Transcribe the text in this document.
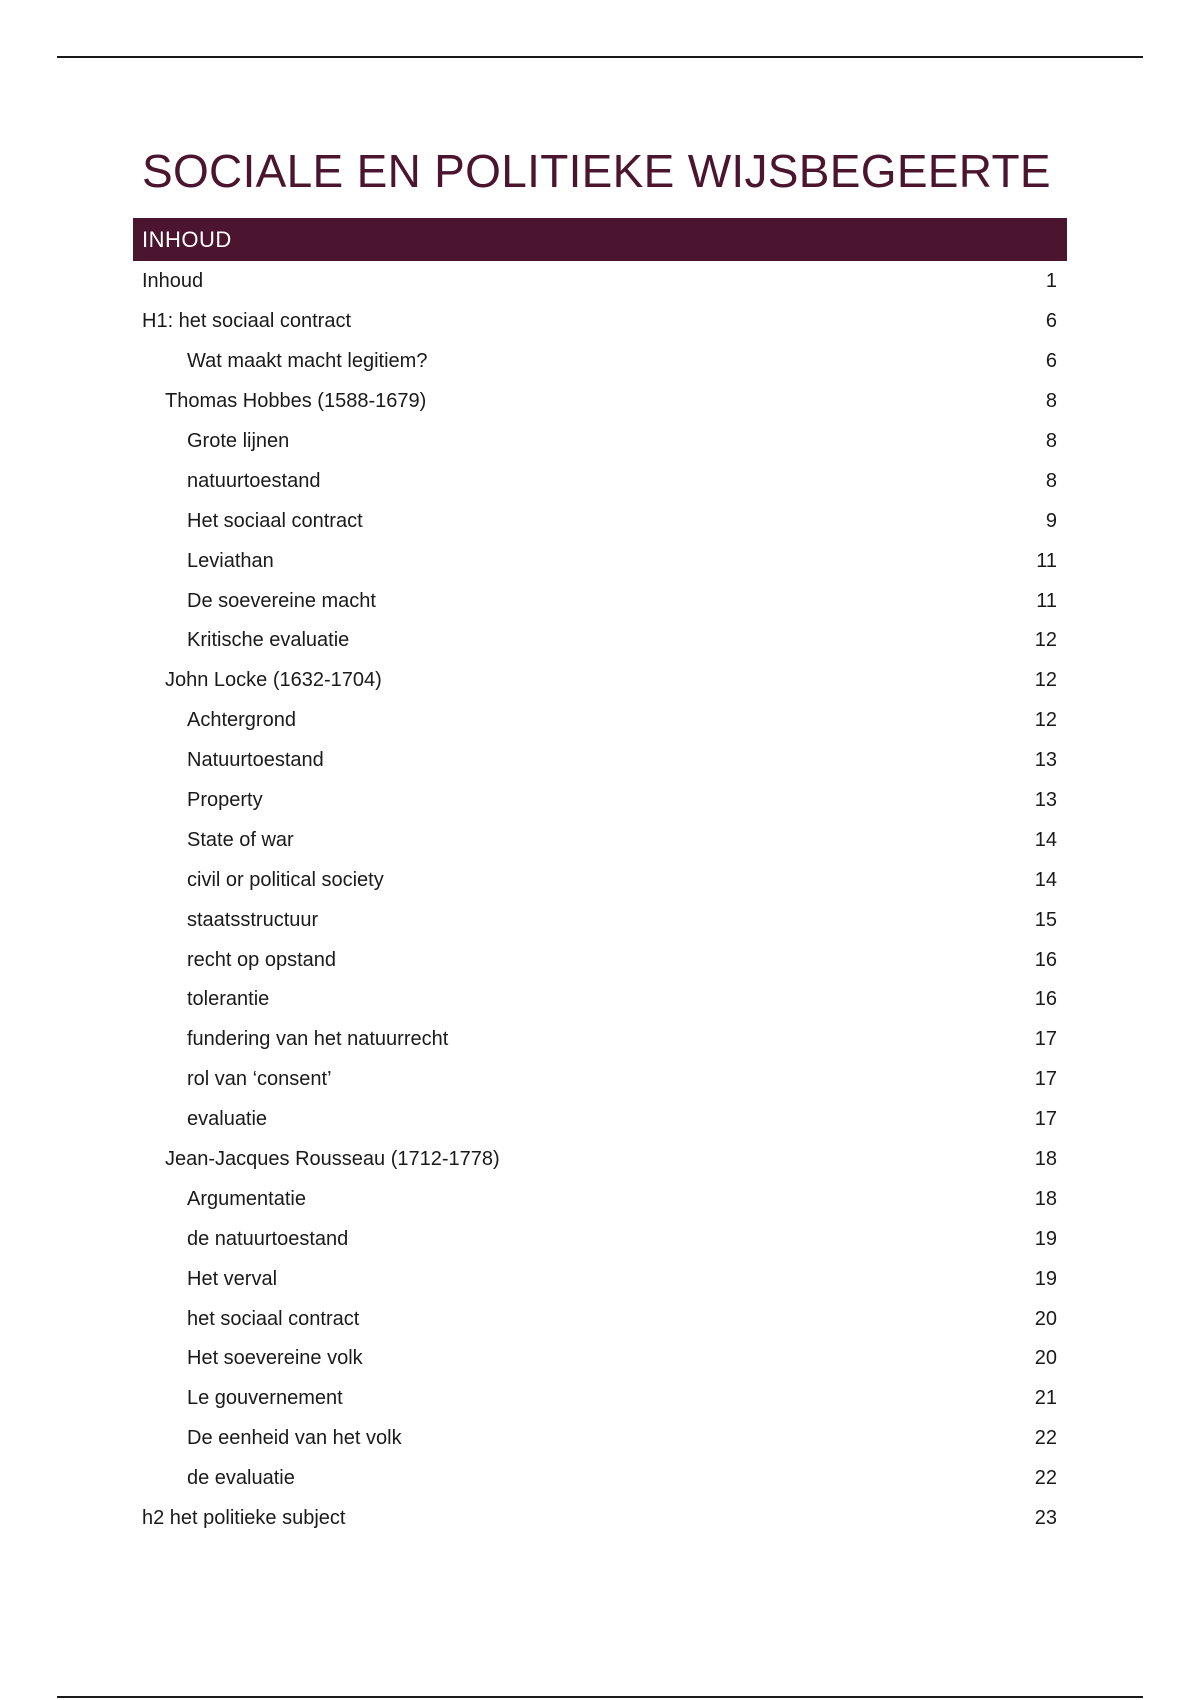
SOCIALE EN POLITIEKE WIJSBEGEERTE
INHOUD
Inhoud	1
H1: het sociaal contract	6
Wat maakt macht legitiem?	6
Thomas Hobbes (1588-1679)	8
Grote lijnen	8
natuurtoestand	8
Het sociaal contract	9
Leviathan	11
De soevereine macht	11
Kritische evaluatie	12
John Locke (1632-1704)	12
Achtergrond	12
Natuurtoestand	13
Property	13
State of war	14
civil or political society	14
staatsstructuur	15
recht op opstand	16
tolerantie	16
fundering van het natuurrecht	17
rol van ‘consent’	17
evaluatie	17
Jean-Jacques Rousseau (1712-1778)	18
Argumentatie	18
de natuurtoestand	19
Het verval	19
het sociaal contract	20
Het soevereine volk	20
Le gouvernement	21
De eenheid van het volk	22
de evaluatie	22
h2 het politieke subject	23
